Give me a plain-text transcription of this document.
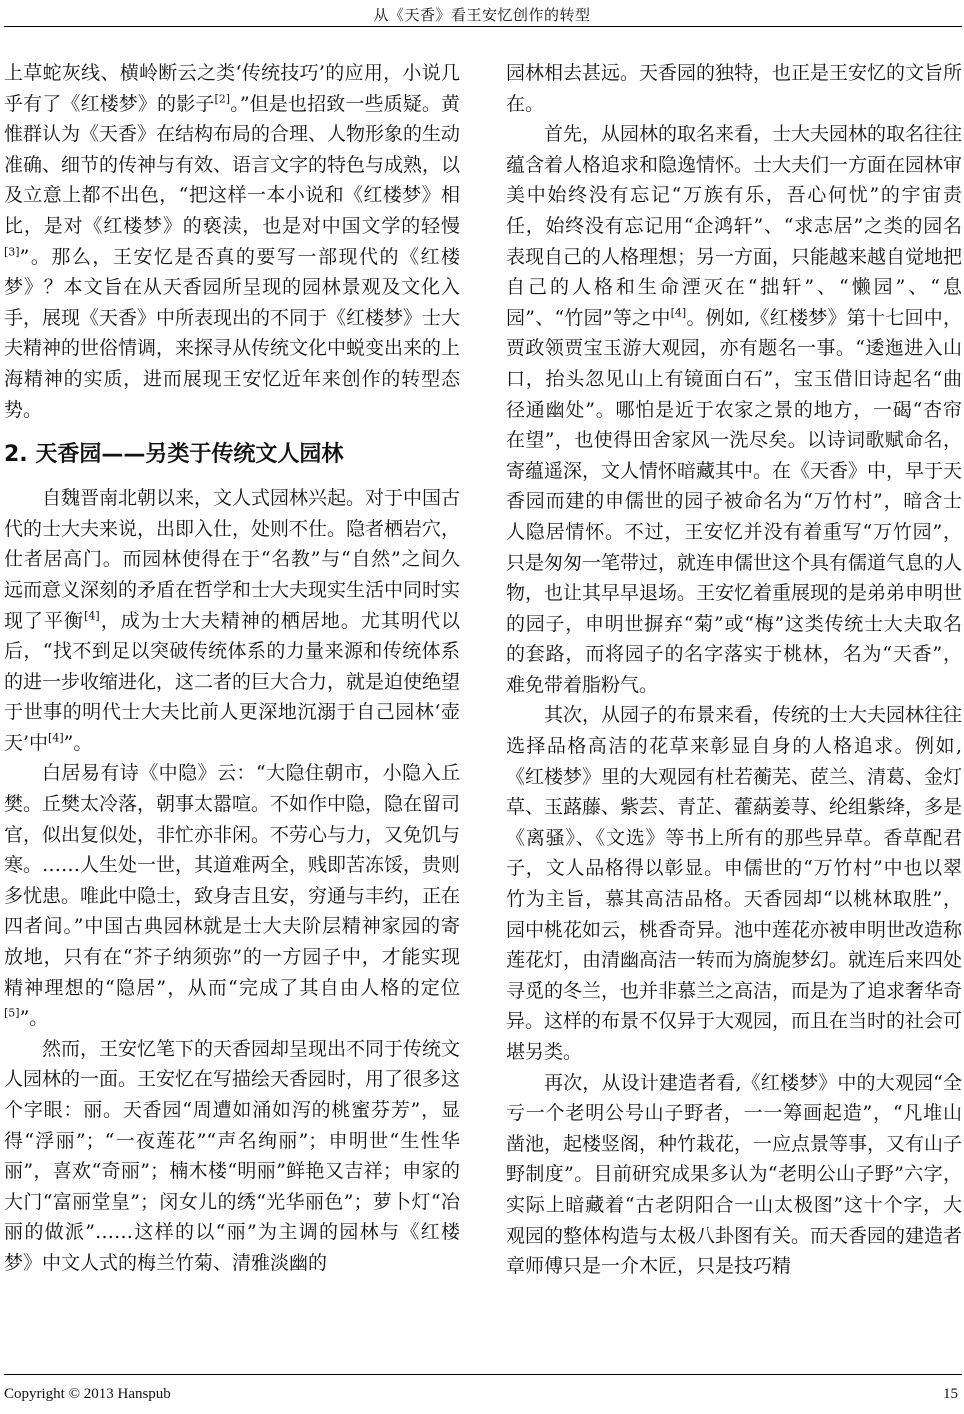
从《天香》看王安忆创作的转型

上草蛇灰线、横岭断云之类‘传统技巧’的应用，小说几乎有了《红楼梦》的影子[2]。”但是也招致一些质疑。黄惟群认为《天香》在结构布局的合理、人物形象的生动准确、细节的传神与有效、语言文字的特色与成熟，以及立意上都不出色，“把这样一本小说和《红楼梦》相比，是对《红楼梦》的亵渎，也是对中国文学的轻慢[3]”。那么，王安忆是否真的要写一部现代的《红楼梦》？本文旨在从天香园所呈现的园林景观及文化入手，展现《天香》中所表现出的不同于《红楼梦》士大夫精神的世俗情调，来探寻从传统文化中蜕变出来的上海精神的实质，进而展现王安忆近年来创作的转型态势。

2. 天香园——另类于传统文人园林

自魏晋南北朝以来，文人式园林兴起。对于中国古代的士大夫来说，出即入仕，处则不仕。隐者栖岩穴，仕者居高门。而园林使得在于“名教”与“自然”之间久远而意义深刻的矛盾在哲学和士大夫现实生活中同时实现了平衡[4]，成为士大夫精神的栖居地。尤其明代以后，“找不到足以突破传统体系的力量来源和传统体系的进一步收缩进化，这二者的巨大合力，就是迫使绝望于世事的明代士大夫比前人更深地沉溺于自己园林‘壶天’中[4]”。

白居易有诗《中隐》云：“大隐住朝市，小隐入丘樊。丘樊太冷落，朝事太嚣喧。不如作中隐，隐在留司官，似出复似处，非忙亦非闲。不劳心与力，又免饥与寒。……人生处一世，其道难两全，贱即苦冻馁，贵则多忧患。唯此中隐士，致身吉且安，穷通与丰约，正在四者间。”中国古典园林就是士大夫阶层精神家园的寄放地，只有在“芥子纳须弥”的一方园子中，才能实现精神理想的“隐居”，从而“完成了其自由人格的定位[5]”。

然而，王安忆笔下的天香园却呈现出不同于传统文人园林的一面。王安忆在写描绘天香园时，用了很多这个字眼：丽。天香园“周遭如涌如泻的桃蜜芬芳”，显得“浮丽”；“一夜莲花”“声名绚丽”；申明世“生性华丽”，喜欢“奇丽”；楠木楼“明丽”鲜艳又吉祥；申家的大门“富丽堂皇”；闵女儿的绣“光华丽色”；萝卜灯“冶丽的做派”……这样的以“丽”为主调的园林与《红楼梦》中文人式的梅兰竹菊、清雅淡幽的

园林相去甚远。天香园的独特，也正是王安忆的文旨所在。

首先，从园林的取名来看，士大夫园林的取名往往蕴含着人格追求和隐逸情怀。士大夫们一方面在园林审美中始终没有忘记“万族有乐，吾心何忧”的宇宙责任，始终没有忘记用“企鸿轩”、“求志居”之类的园名表现自己的人格理想；另一方面，只能越来越自觉地把自己的人格和生命湮灭在“拙轩”、“懒园”、“息园”、“竹园”等之中[4]。例如,《红楼梦》第十七回中，贾政领贾宝玉游大观园，亦有题名一事。“逶迤进入山口，抬头忽见山上有镜面白石”，宝玉借旧诗起名“曲径通幽处”。哪怕是近于农家之景的地方，一碣“杏帘在望”，也使得田舍家风一洗尽矣。以诗词歌赋命名，寄蕴遥深，文人情怀暗藏其中。在《天香》中，早于天香园而建的申儒世的园子被命名为“万竹村”，暗含士人隐居情怀。不过，王安忆并没有着重写“万竹园”，只是匆匆一笔带过，就连申儒世这个具有儒道气息的人物，也让其早早退场。王安忆着重展现的是弟弟申明世的园子，申明世摒弃“菊”或“梅”这类传统士大夫取名的套路，而将园子的名字落实于桃林，名为“天香”，难免带着脂粉气。

其次，从园子的布景来看，传统的士大夫园林往往选择品格高洁的花草来彰显自身的人格追求。例如,《红楼梦》里的大观园有杜若蘅芜、茝兰、清葛、金灯草、玉蕗藤、紫芸、青芷、藿蒳姜荨、纶组紫绛，多是《离骚》、《文选》等书上所有的那些异草。香草配君子，文人品格得以彰显。申儒世的“万竹村”中也以翠竹为主旨，慕其高洁品格。天香园却“以桃林取胜”，园中桃花如云，桃香奇异。池中莲花亦被申明世改造称莲花灯，由清幽高洁一转而为旖旎梦幻。就连后来四处寻觅的冬兰，也并非慕兰之高洁，而是为了追求奢华奇异。这样的布景不仅异于大观园，而且在当时的社会可堪另类。

再次，从设计建造者看,《红楼梦》中的大观园“全亏一个老明公号山子野者，一一筹画起造”，“凡堆山凿池，起楼竖阁，种竹栽花，一应点景等事，又有山子野制度”。目前研究成果多认为“老明公山子野”六字，实际上暗藏着“古老阴阳合一山太极图”这十个字，大观园的整体构造与太极八卦图有关。而天香园的建造者章师傅只是一介木匠，只是技巧精

Copyright © 2013 Hanspub	15
